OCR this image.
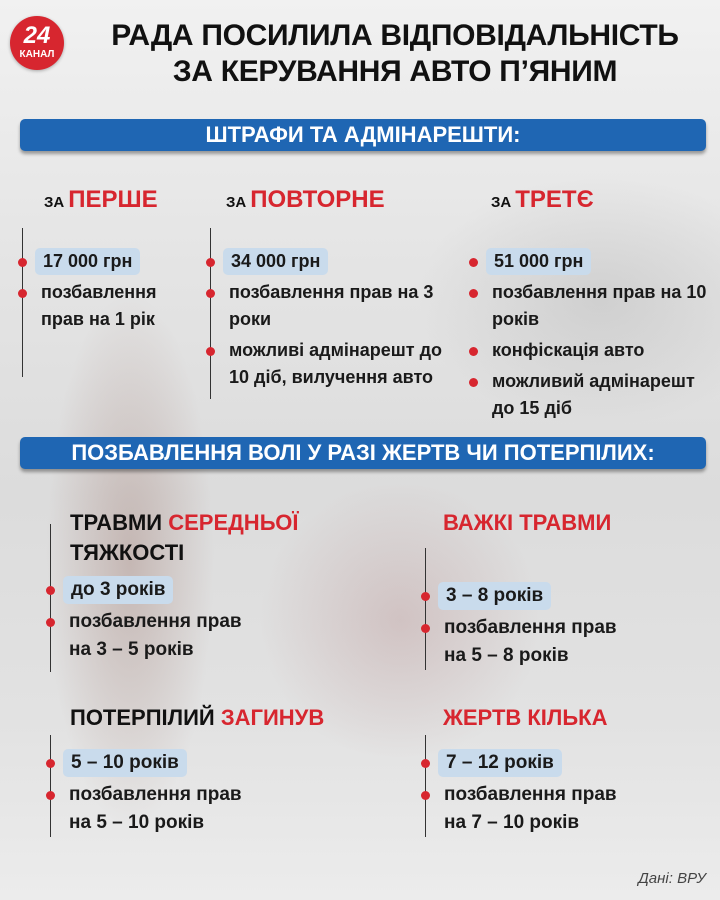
24
КАНАЛ
РАДА ПОСИЛИЛА ВІДПОВІДАЛЬНІСТЬ
ЗА КЕРУВАННЯ АВТО П’ЯНИМ
ШТРАФИ ТА АДМІНАРЕШТИ:
ЗА ПЕРШЕ
17 000 грн
позбавлення прав на 1 рік
ЗА ПОВТОРНЕ
34 000 грн
позбавлення прав на 3 роки
можливі адмінарешт до 10 діб, вилучення авто
ЗА ТРЕТЄ
51 000 грн
позбавлення прав на 10 років
конфіскація авто
можливий адмінарешт до 15 діб
ПОЗБАВЛЕННЯ ВОЛІ У РАЗІ ЖЕРТВ ЧИ ПОТЕРПІЛИХ:
ТРАВМИ СЕРЕДНЬОЇ
ТЯЖКОСТІ
до 3 років
позбавлення прав
на 3 – 5 років
ВАЖКІ ТРАВМИ
3 – 8 років
позбавлення прав
на 5 – 8 років
ПОТЕРПІЛИЙ ЗАГИНУВ
5 – 10 років
позбавлення прав
на 5 – 10 років
ЖЕРТВ КІЛЬКА
7 – 12 років
позбавлення прав
на 7 – 10 років
Дані: ВРУ
